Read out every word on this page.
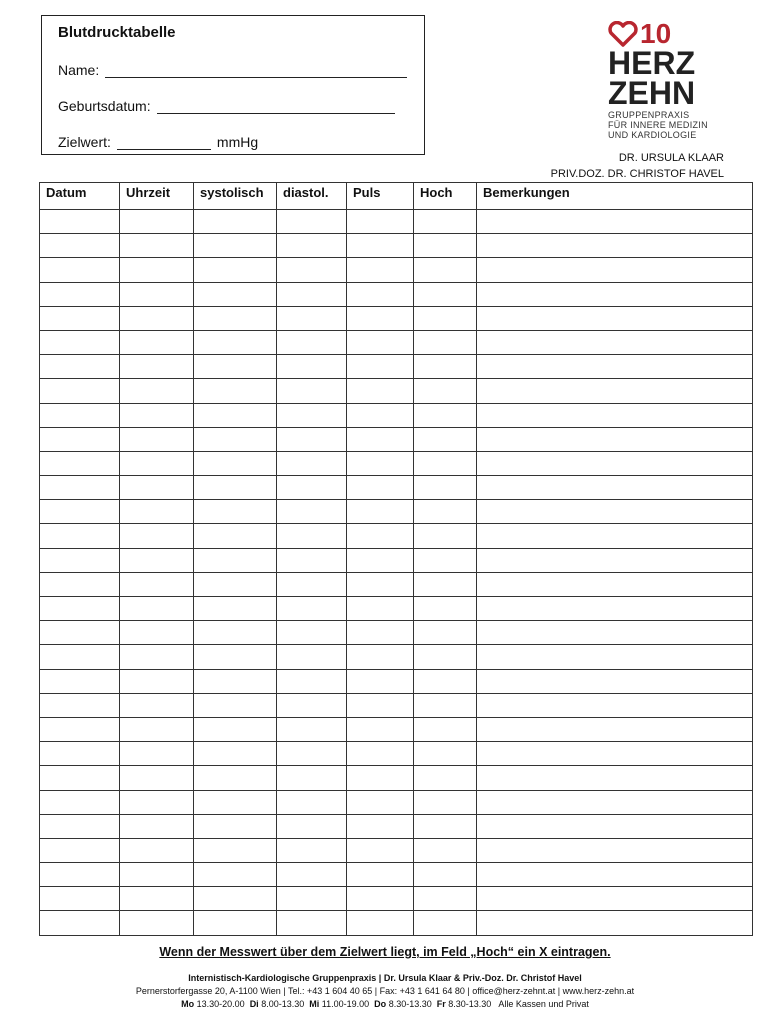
Blutdrucktabelle
Name:
Geburtsdatum:
Zielwert:	mmHg
10
HERZ
ZEHN
GRUPPENPRAXIS
FÜR INNERE MEDIZIN
UND KARDIOLOGIE
DR. URSULA KLAAR
PRIV.DOZ. DR. CHRISTOF HAVEL
Datum	Uhrzeit	systolisch	diastol.	Puls	Hoch	Bemerkungen

Wenn der Messwert über dem Zielwert liegt, im Feld „Hoch“ ein X eintragen.
Internistisch-Kardiologische Gruppenpraxis | Dr. Ursula Klaar & Priv.-Doz. Dr. Christof Havel
Pernerstorfergasse 20, A-1100 Wien | Tel.: +43 1 604 40 65 | Fax: +43 1 641 64 80 | office@herz-zehnt.at | www.herz-zehn.at
Mo 13.30-20.00 Di 8.00-13.30 Mi 11.00-19.00 Do 8.30-13.30 Fr 8.30-13.30 Alle Kassen und Privat
